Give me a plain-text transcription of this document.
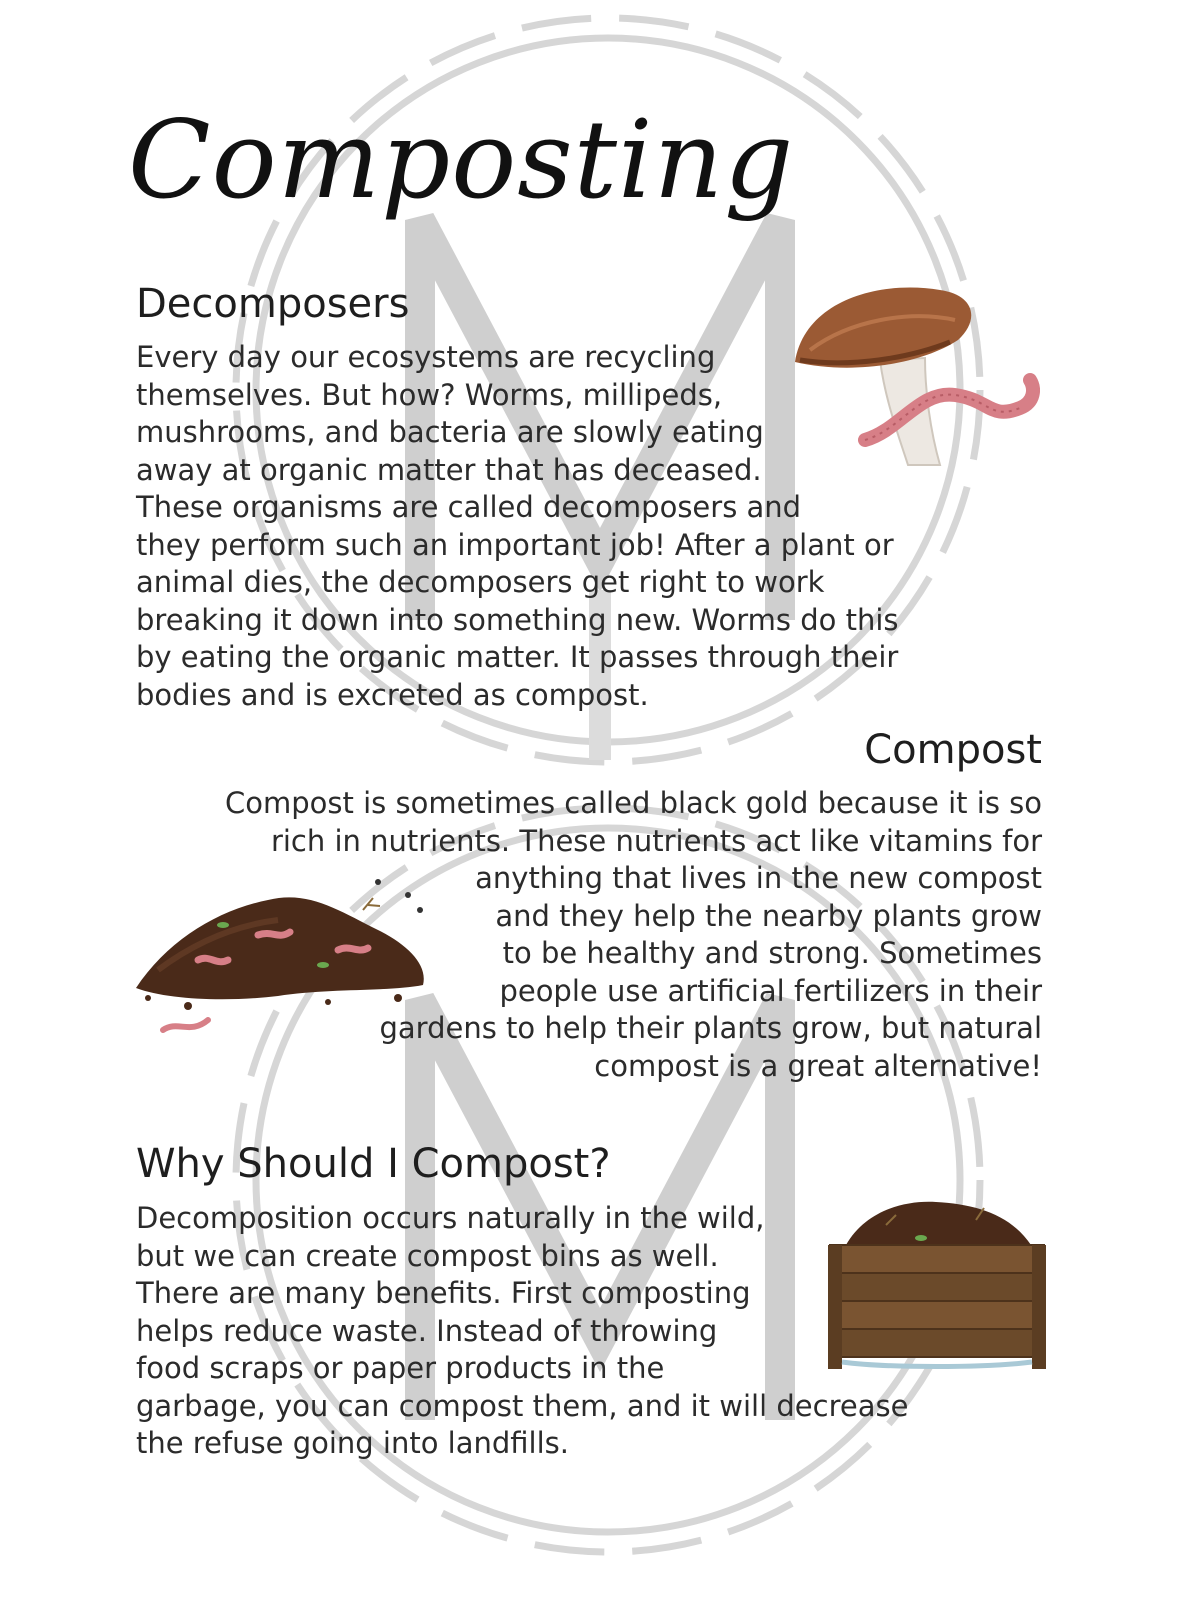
Composting
Decomposers
Every day our ecosystems are recycling
themselves. But how? Worms, millipeds,
mushrooms, and bacteria are slowly eating
away at organic matter that has deceased.
These organisms are called decomposers and
they perform such an important job! After a plant or
animal dies, the decomposers get right to work
breaking it down into something new. Worms do this
by eating the organic matter. It passes through their
bodies and is excreted as compost.
Compost
Compost is sometimes called black gold because it is so
rich in nutrients. These nutrients act like vitamins for
anything that lives in the new compost
and they help the nearby plants grow
to be healthy and strong. Sometimes
people use artificial fertilizers in their
gardens to help their plants grow, but natural
compost is a great alternative!
Why Should I Compost?
Decomposition occurs naturally in the wild,
but we can create compost bins as well.
There are many benefits. First composting
helps reduce waste. Instead of throwing
food scraps or paper products in the
garbage, you can compost them, and it will decrease
the refuse going into landfills.
